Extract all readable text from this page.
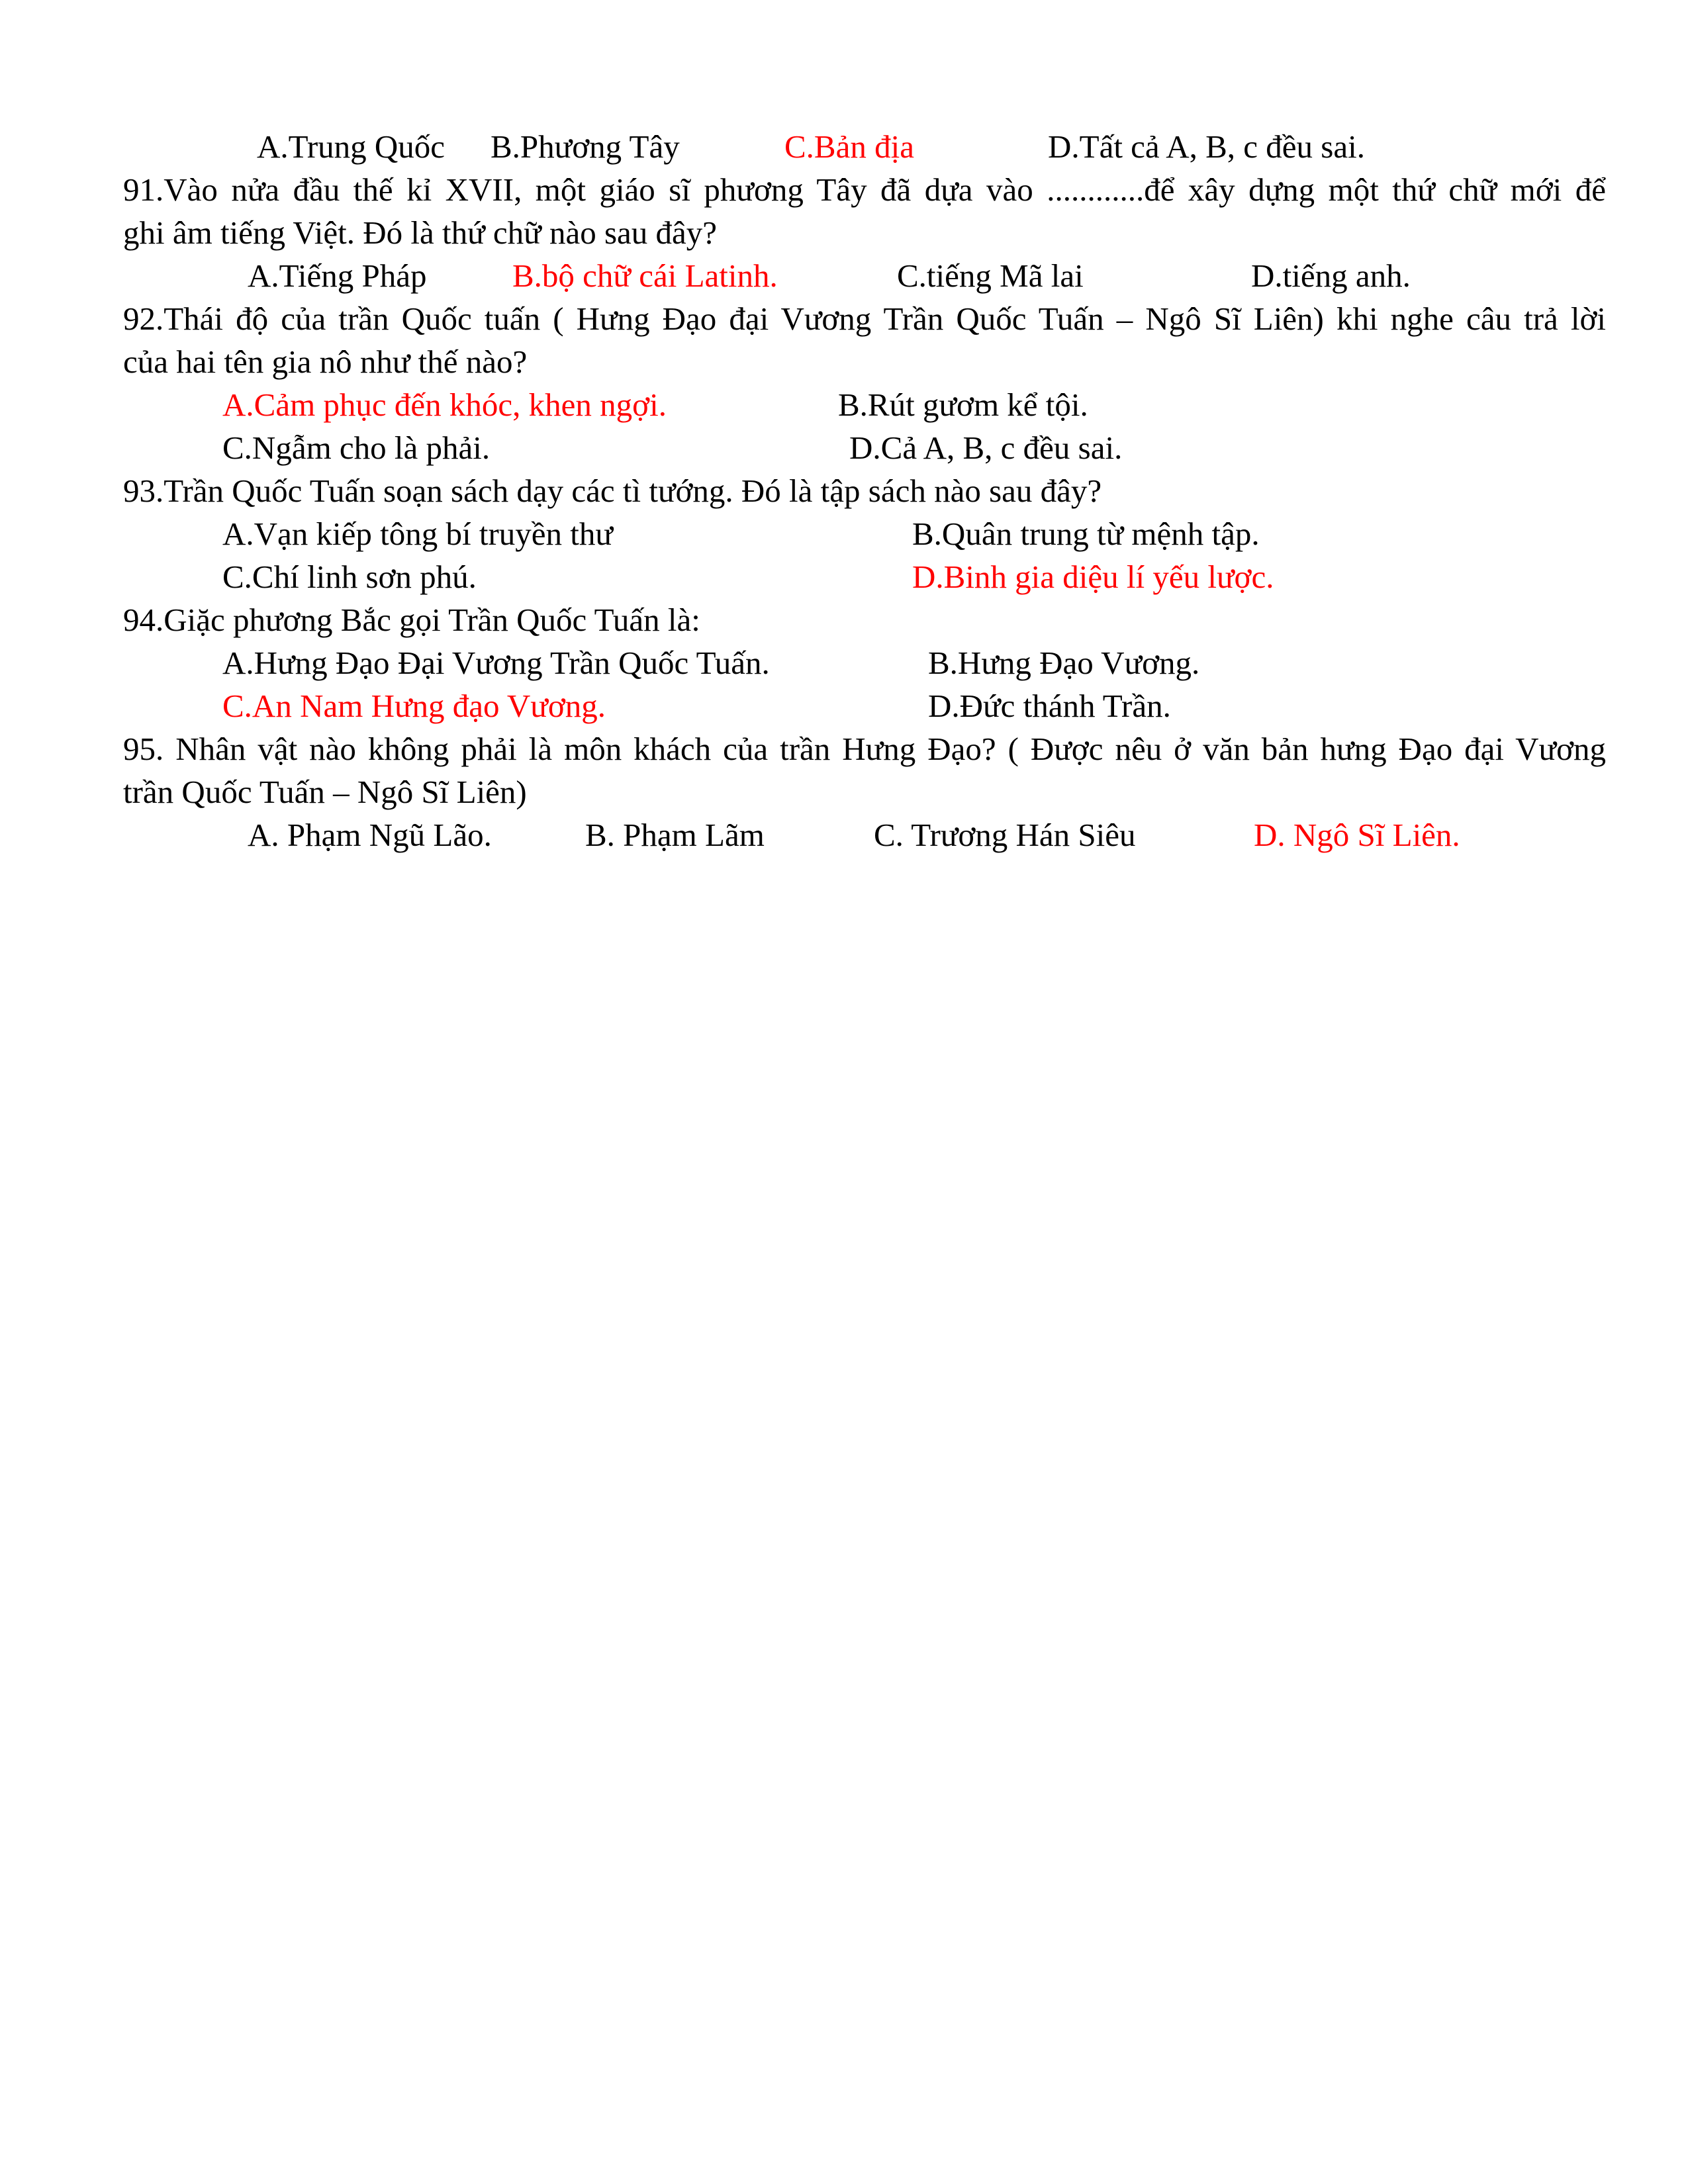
A.Trung Quốc B.Phương Tây	C.Bản địa	D.Tất cả A, B, c đều sai.
91.Vào nửa đầu thế kỉ XVII, một giáo sĩ phương Tây đã dựa vào ............để xây dựng một thứ chữ mới để
ghi âm tiếng Việt. Đó là thứ chữ nào sau đây?
A.Tiếng Pháp	B.bộ chữ cái Latinh.	C.tiếng Mã lai	D.tiếng anh.
92.Thái độ của trần Quốc tuấn ( Hưng Đạo đại Vương Trần Quốc Tuấn – Ngô Sĩ Liên) khi nghe câu trả lời
của hai tên gia nô như thế nào?
A.Cảm phục đến khóc, khen ngợi.	B.Rút gươm kể tội.
C.Ngẫm cho là phải.	D.Cả A, B, c đều sai.
93.Trần Quốc Tuấn soạn sách dạy các tì tướng. Đó là tập sách nào sau đây?
A.Vạn kiếp tông bí truyền thư	B.Quân trung từ mệnh tập.
C.Chí linh sơn phú.	D.Binh gia diệu lí yếu lược.
94.Giặc phương Bắc gọi Trần Quốc Tuấn là:
A.Hưng Đạo Đại Vương Trần Quốc Tuấn.	B.Hưng Đạo Vương.
C.An Nam Hưng đạo Vương.	D.Đức thánh Trần.
95. Nhân vật nào không phải là môn khách của trần Hưng Đạo? ( Được nêu ở văn bản hưng Đạo đại Vương
trần Quốc Tuấn – Ngô Sĩ Liên)
A. Phạm Ngũ Lão.	B. Phạm Lãm	C. Trương Hán Siêu	D. Ngô Sĩ Liên.
